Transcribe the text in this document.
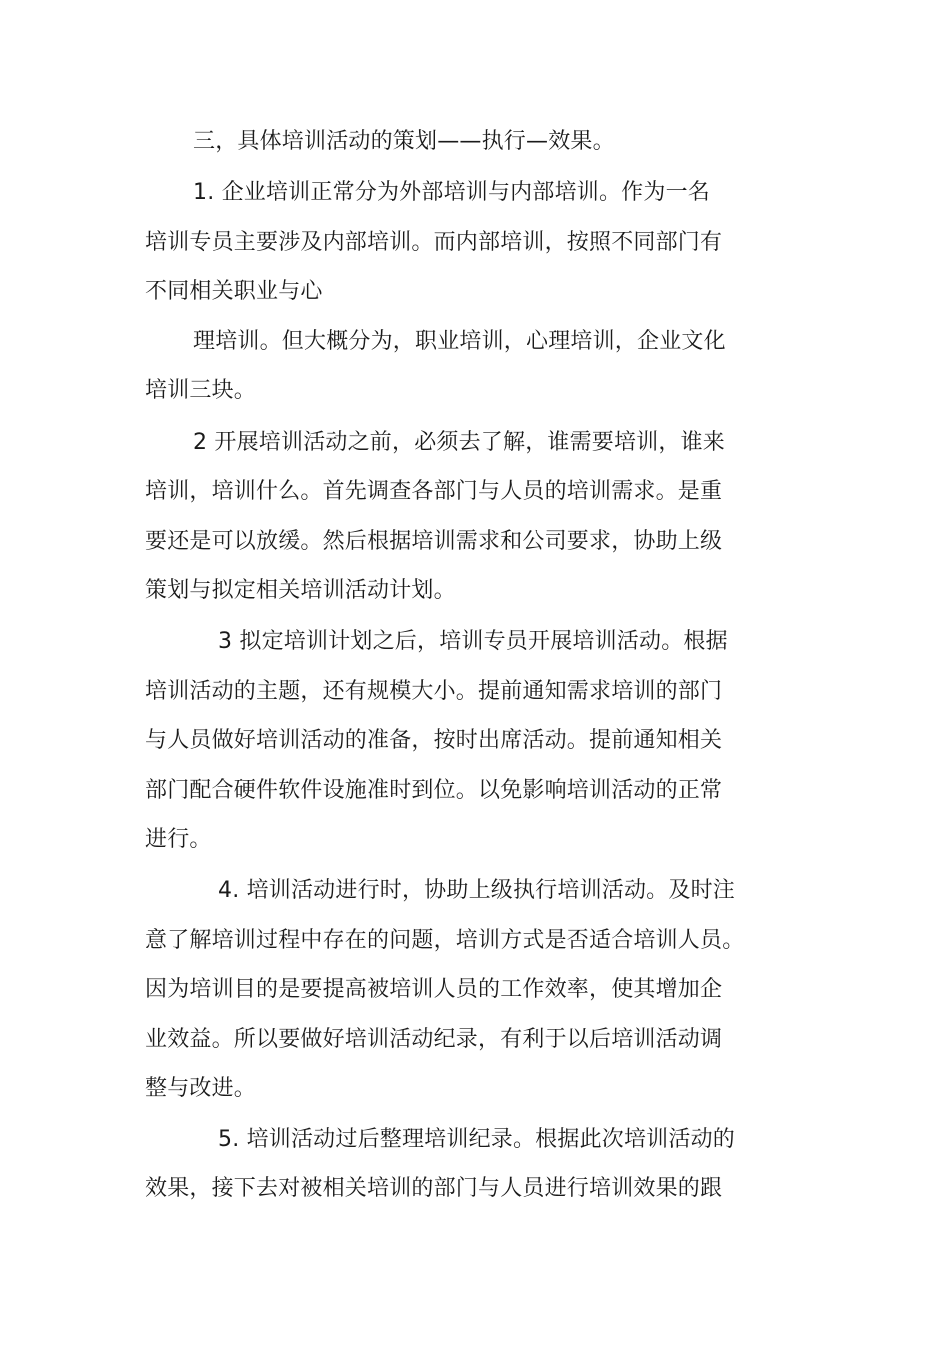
三，具体培训活动的策划——执行—效果。
1. 企业培训正常分为外部培训与内部培训。作为一名
培训专员主要涉及内部培训。而内部培训，按照不同部门有
不同相关职业与心
理培训。但大概分为，职业培训，心理培训，企业文化
培训三块。
2 开展培训活动之前，必须去了解，谁需要培训，谁来
培训，培训什么。首先调查各部门与人员的培训需求。是重
要还是可以放缓。然后根据培训需求和公司要求，协助上级
策划与拟定相关培训活动计划。
3 拟定培训计划之后，培训专员开展培训活动。根据
培训活动的主题，还有规模大小。提前通知需求培训的部门
与人员做好培训活动的准备，按时出席活动。提前通知相关
部门配合硬件软件设施准时到位。以免影响培训活动的正常
进行。
4. 培训活动进行时，协助上级执行培训活动。及时注
意了解培训过程中存在的问题，培训方式是否适合培训人员。
因为培训目的是要提高被培训人员的工作效率，使其增加企
业效益。所以要做好培训活动纪录，有利于以后培训活动调
整与改进。
5. 培训活动过后整理培训纪录。根据此次培训活动的
效果，接下去对被相关培训的部门与人员进行培训效果的跟
